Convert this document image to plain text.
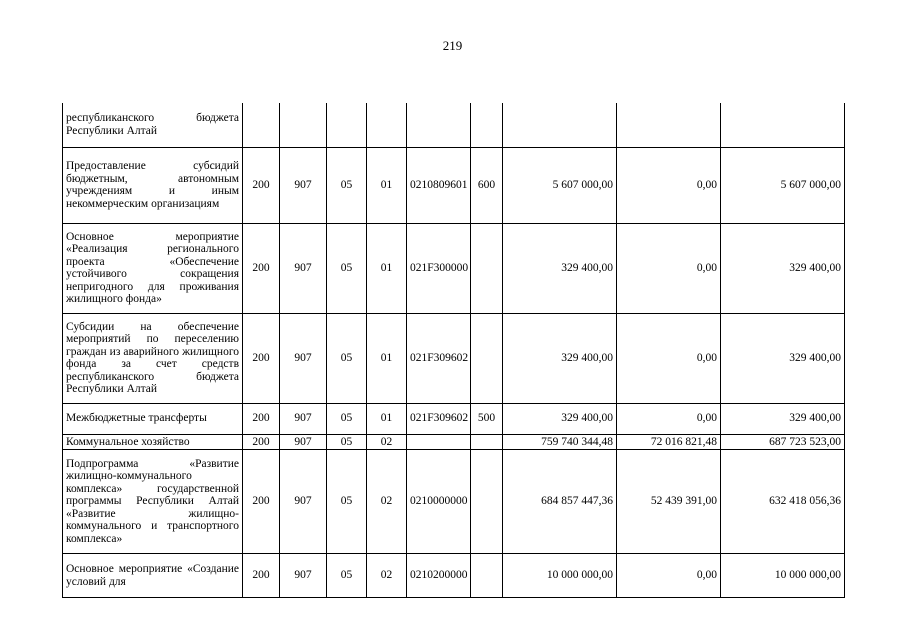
219
республиканского бюджета Республики Алтай									
Предоставление субсидий бюджетным, автономным учреждениям и иным некоммерческим организациям	200	907	05	01	0210809601	600	5 607 000,00	0,00	5 607 000,00
Основное мероприятие «Реализация регионального проекта «Обеспечение устойчивого сокращения непригодного для проживания жилищного фонда»	200	907	05	01	021F300000		329 400,00	0,00	329 400,00
Субсидии на обеспечение мероприятий по переселению граждан из аварийного жилищного фонда за счет средств республиканского бюджета Республики Алтай	200	907	05	01	021F309602		329 400,00	0,00	329 400,00
Межбюджетные трансферты	200	907	05	01	021F309602	500	329 400,00	0,00	329 400,00
Коммунальное хозяйство	200	907	05	02			759 740 344,48	72 016 821,48	687 723 523,00
Подпрограмма «Развитие жилищно-коммунального комплекса» государственной программы Республики Алтай «Развитие жилищно-коммунального и транспортного комплекса»	200	907	05	02	0210000000		684 857 447,36	52 439 391,00	632 418 056,36
Основное мероприятие «Создание условий для	200	907	05	02	0210200000		10 000 000,00	0,00	10 000 000,00
